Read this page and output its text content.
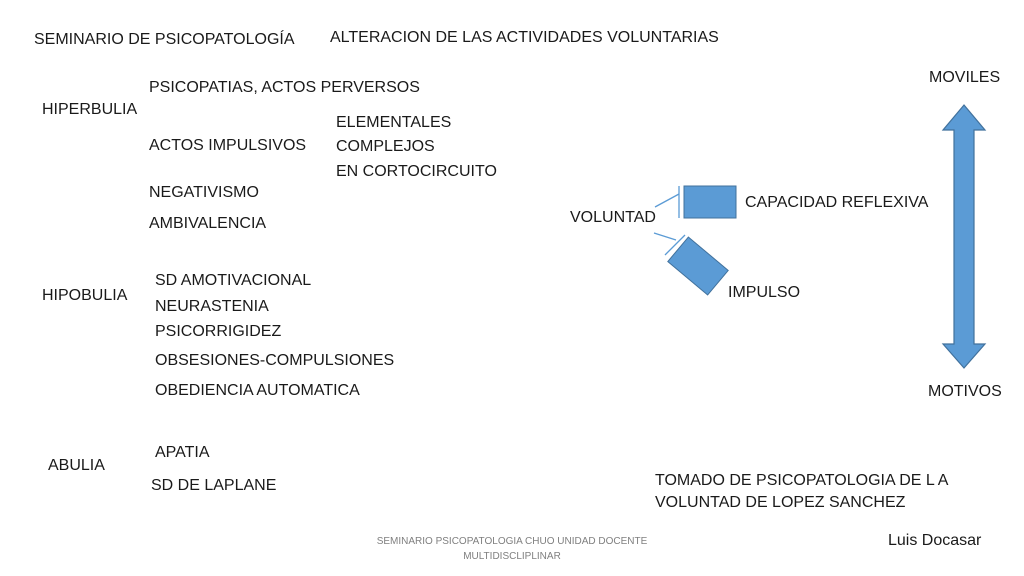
SEMINARIO DE PSICOPATOLOGÍA ALTERACION DE LAS ACTIVIDADES VOLUNTARIAS
HIPERBULIA
PSICOPATIAS, ACTOS PERVERSOS
ACTOS IMPULSIVOS
NEGATIVISMO
AMBIVALENCIA
ELEMENTALES
COMPLEJOS
EN CORTOCIRCUITO
HIPOBULIA
SD AMOTIVACIONAL
NEURASTENIA
PSICORRIGIDEZ
OBSESIONES-COMPULSIONES
OBEDIENCIA AUTOMATICA
ABULIA
APATIA
SD DE LAPLANE
VOLUNTAD
CAPACIDAD REFLEXIVA
IMPULSO
MOVILES
MOTIVOS
TOMADO DE PSICOPATOLOGIA DE L A
VOLUNTAD DE LOPEZ SANCHEZ
Luis Docasar
SEMINARIO PSICOPATOLOGIA CHUO UNIDAD DOCENTE
MULTIDISCLIPLINAR
